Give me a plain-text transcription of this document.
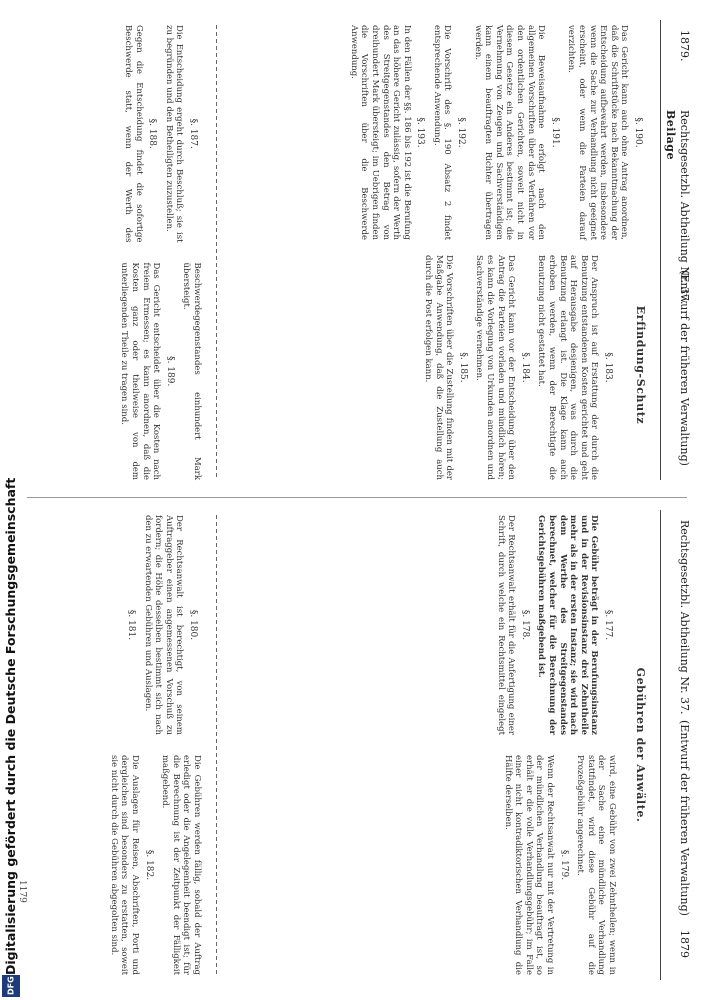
1879.
Rechtsgesetzbl. Abtheilung Nr. 37.
Beilage
(Entwurf der früheren Verwaltung)
Rechtsgesetzbl. Abtheilung Nr. 37.
(Entwurf der früheren Verwaltung)
1879
Erfindung-Schutz
§. 190.

Das Gericht kann auch ohne Antrag anordnen, daß die Schriftstücke nach Bekanntmachung der Entscheidung aufbewahrt werden, insbesondere wenn die Sache zur Verhandlung nicht geeignet erscheint, oder wenn die Parteien darauf verzichten.

§. 191.

Die Beweisaufnahme erfolgt nach den allgemeinen Vorschriften über das Verfahren vor den ordentlichen Gerichten, soweit nicht in diesem Gesetze ein Anderes bestimmt ist; die Vernehmung von Zeugen und Sachverständigen kann einem beauftragten Richter übertragen werden.

§. 192.

Die Vorschrift des §. 190 Absatz 2 findet entsprechende Anwendung.

§. 193.

In den Fällen der §§. 186 bis 192 ist die Berufung an das höhere Gericht zulässig, sofern der Werth des Streitgegenstandes den Betrag von dreihundert Mark übersteigt; im Uebrigen finden die Vorschriften über die Beschwerde Anwendung.

§. 183.

Der Anspruch ist auf Erstattung der durch die Benutzung entstandenen Kosten gerichtet und geht auf Herausgabe desjenigen, was durch die Benutzung erlangt ist. Die Klage kann auch erhoben werden, wenn der Berechtigte die Benutzung nicht gestattet hat.

§. 184.

Das Gericht kann vor der Entscheidung über den Antrag die Parteien vorladen und mündlich hören; es kann die Vorlegung von Urkunden anordnen und Sachverständige vernehmen.

§. 185.

Die Vorschriften über die Zustellung finden mit der Maßgabe Anwendung, daß die Zustellung auch durch die Post erfolgen kann.

§. 187.

Die Entscheidung ergeht durch Beschluß; sie ist zu begründen und den Betheiligten zuzustellen.

§. 188.

Gegen die Entscheidung findet die sofortige Beschwerde statt, wenn der Werth des Beschwerdegegenstandes einhundert Mark übersteigt.

§. 189.

Das Gericht entscheidet über die Kosten nach freiem Ermessen; es kann anordnen, daß die Kosten ganz oder theilweise von dem unterliegenden Theile zu tragen sind.

Gebühren der Anwälte.
§. 177.

Die Gebühr beträgt in der Berufungsinstanz und in der Revisionsinstanz drei Zehntheile mehr als in der ersten Instanz; sie wird nach dem Werthe des Streitgegenstandes berechnet, welcher für die Berechnung der Gerichtsgebühren maßgebend ist.

§. 178.

Der Rechtsanwalt erhält für die Anfertigung einer Schrift, durch welche ein Rechtsmittel eingelegt wird, eine Gebühr von zwei Zehntheilen; wenn in der Sache eine mündliche Verhandlung stattfindet, wird diese Gebühr auf die Prozeßgebühr angerechnet.

§. 179.

Wenn der Rechtsanwalt nur mit der Vertretung in der mündlichen Verhandlung beauftragt ist, so erhält er die volle Verhandlungsgebühr; im Falle einer nicht kontradiktorischen Verhandlung die Hälfte derselben.

§. 180.

Der Rechtsanwalt ist berechtigt, von seinem Auftraggeber einen angemessenen Vorschuß zu fordern; die Höhe desselben bestimmt sich nach den zu erwartenden Gebühren und Auslagen.

§. 181.

Die Gebühren werden fällig, sobald der Auftrag erledigt oder die Angelegenheit beendigt ist; für die Berechnung ist der Zeitpunkt der Fälligkeit maßgebend.

§. 182.

Die Auslagen für Reisen, Abschriften, Porti und dergleichen sind besonders zu erstatten, soweit sie nicht durch die Gebühren abgegolten sind.

1179
Digitalisierung gefördert durch die Deutsche Forschungsgemeinschaft
DFG
